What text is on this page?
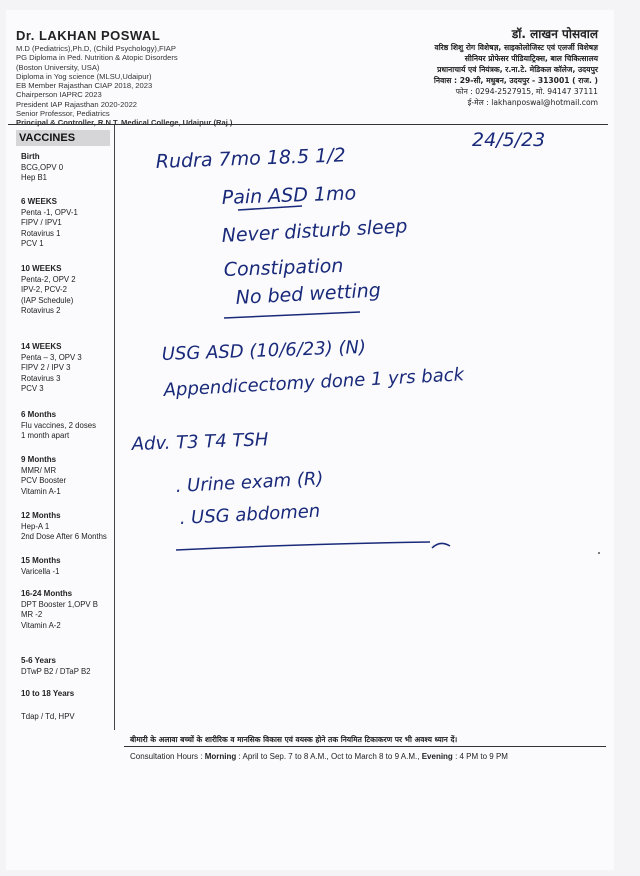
Dr. LAKHAN POSWAL
M.D (Pediatrics),Ph.D, (Child Psychology),FIAP
PG Diploma in Ped. Nutrition & Atopic Disorders
(Boston University, USA)
Diploma in Yog science (MLSU,Udaipur)
EB Member Rajasthan CIAP 2018, 2023
Chairperson IAPRC 2023
President IAP Rajasthan 2020-2022
Senior Professor, Pediatrics
Principal & Controller, R.N.T. Medical College, Udaipur (Raj.)
डॉ. लाखन पोसवाल
वरिष्ठ शिशु रोग विशेषज्ञ, साइकोलोजिस्ट एवं एलर्जी विशेषज्ञ
सीनियर प्रोफेसर पीडियाट्रिक्स, बाल चिकित्सालय
प्रधानाचार्य एवं नियंत्रक, र.ना.टे. मेडिकल कॉलेज, उदयपुर
निवास : 29-सी, मधुबन, उदयपुर - 313001 ( राज. )
फोन : 0294-2527915, मो. 94147 37111
ई-मेल : lakhanposwal@hotmail.com
VACCINES
Birth
BCG,OPV 0
Hep B1
6 WEEKS
Penta -1, OPV-1
FIPV / IPV1
Rotavirus 1
PCV 1
10 WEEKS
Penta-2, OPV 2
IPV-2, PCV-2
(IAP Schedule)
Rotavirus 2
14 WEEKS
Penta – 3, OPV 3
FIPV 2 / IPV 3
Rotavirus 3
PCV 3
6 Months
Flu vaccines, 2 doses
1 month apart
9 Months
MMR/ MR
PCV Booster
Vitamin A-1
12 Months
Hep-A 1
2nd Dose After 6 Months
15 Months
Varicella -1
16-24 Months
DPT Booster 1,OPV B
MR -2
Vitamin A-2
5-6 Years
DTwP B2 / DTaP B2
10 to 18 Years
Tdap / Td, HPV
24/5/23
Rudra 7mo 18.5 1/2
Pain ASD 1mo
Never disturb sleep
Constipation
No bed wetting
USG ASD (10/6/23) (N)
Appendicectomy done 1 yrs back
Adv. T3 T4 TSH
. Urine exam (R)
. USG abdomen
बीमारी के अलावा बच्चों के शारीरिक व मानसिक विकास एवं वयस्क होने तक नियमित टिकाकरण पर भी अवश्य ध्यान दें।
Consultation Hours : Morning : April to Sep. 7 to 8 A.M., Oct to March 8 to 9 A.M., Evening : 4 PM to 9 PM
